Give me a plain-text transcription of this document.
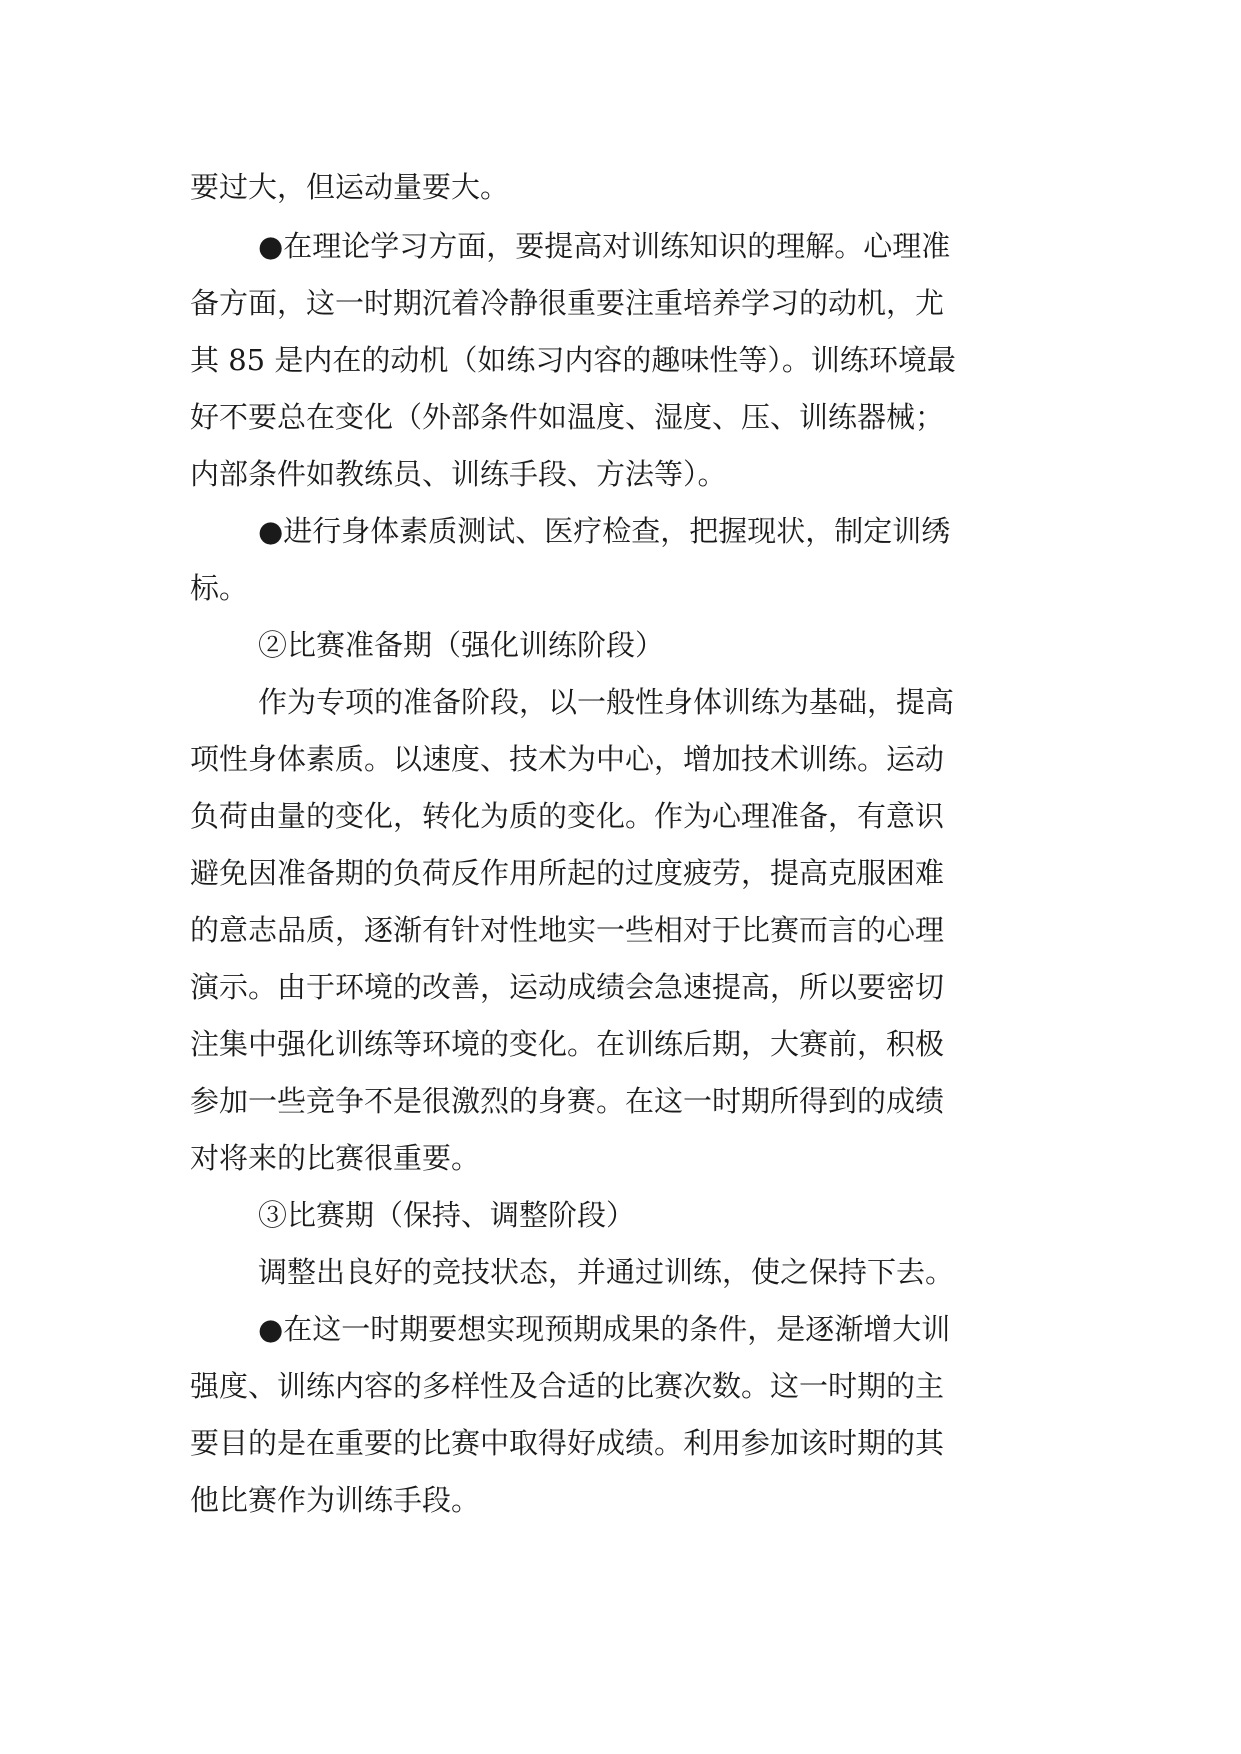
要过大，但运动量要大。
●在理论学习方面，要提高对训练知识的理解。心理准
备方面，这一时期沉着冷静很重要注重培养学习的动机，尤
其 85 是内在的动机（如练习内容的趣味性等）。训练环境最
好不要总在变化（外部条件如温度、湿度、压、训练器械；
内部条件如教练员、训练手段、方法等）。
●进行身体素质测试、医疗检查，把握现状，制定训绣
标。
②比赛准备期（强化训练阶段）
作为专项的准备阶段，以一般性身体训练为基础，提高
项性身体素质。以速度、技术为中心，增加技术训练。运动
负荷由量的变化，转化为质的变化。作为心理准备，有意识
避免因准备期的负荷反作用所起的过度疲劳，提高克服困难
的意志品质，逐渐有针对性地实一些相对于比赛而言的心理
演示。由于环境的改善，运动成绩会急速提高，所以要密切
注集中强化训练等环境的变化。在训练后期，大赛前，积极
参加一些竞争不是很激烈的身赛。在这一时期所得到的成绩
对将来的比赛很重要。
③比赛期（保持、调整阶段）
调整出良好的竞技状态，并通过训练，使之保持下去。
●在这一时期要想实现预期成果的条件，是逐渐增大训
强度、训练内容的多样性及合适的比赛次数。这一时期的主
要目的是在重要的比赛中取得好成绩。利用参加该时期的其
他比赛作为训练手段。
